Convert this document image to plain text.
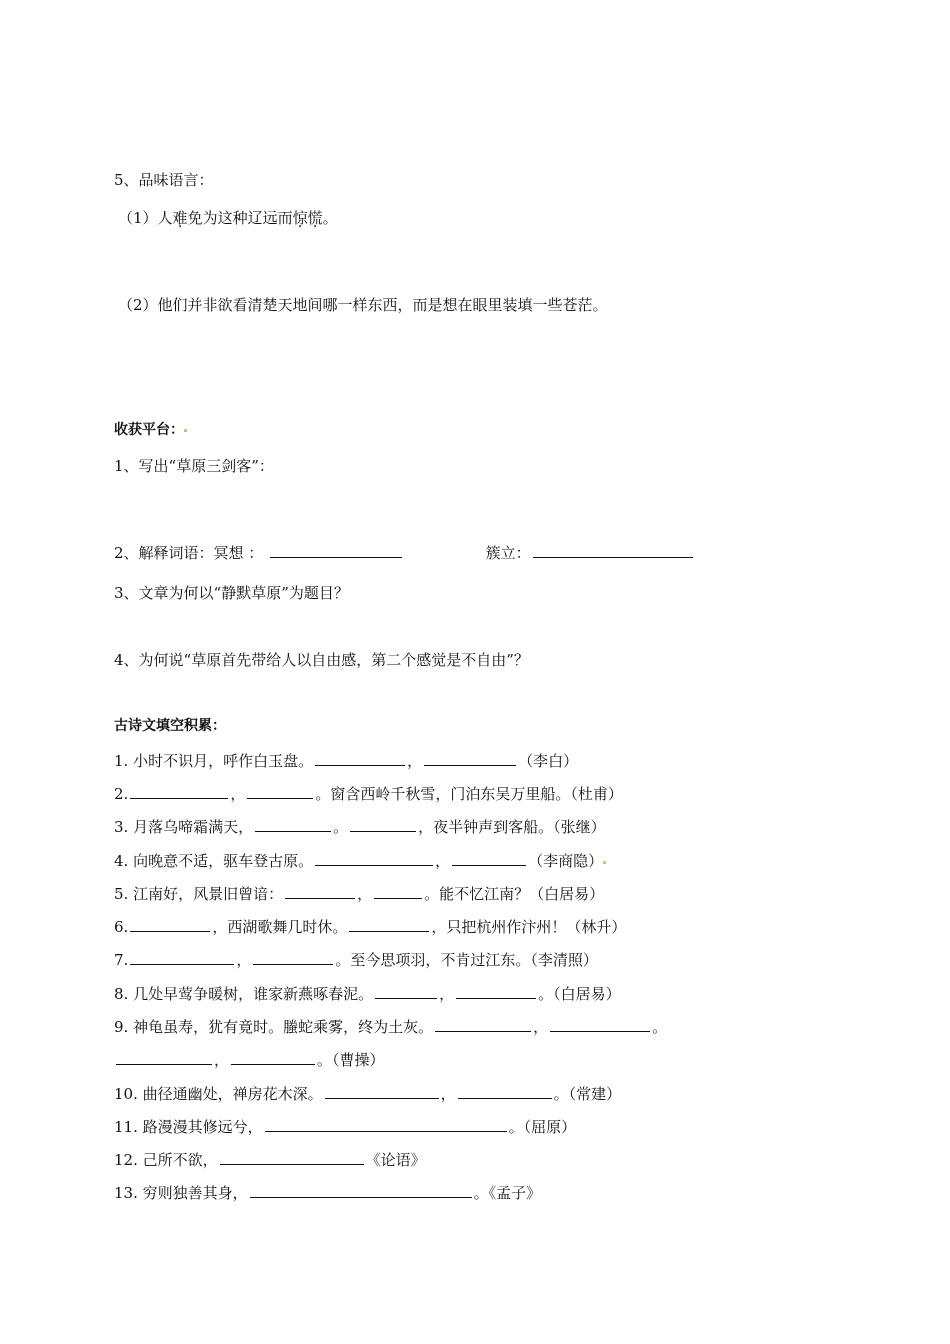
5、品味语言：
（1）人难免为这种辽远而惊慌。
（2）他们并非欲看清楚天地间哪一样东西，而是想在眼里装填一些苍茫。
收获平台：
1、写出“草原三剑客”：
2、解释词语：冥想 ：	簇立：
3、文章为何以“静默草原”为题目？
4、为何说“草原首先带给人以自由感，第二个感觉是不自由”？
古诗文填空积累：
1. 小时不识月，呼作白玉盘。	，	（李白）
2.	，	。窗含西岭千秋雪，门泊东吴万里船。（杜甫）
3. 月落乌啼霜满天，	。	，夜半钟声到客船。（张继）
4. 向晚意不适，驱车登古原。	，	（李商隐）
5. 江南好，风景旧曾谙：	，	。能不忆江南？（白居易）
6.	，西湖歌舞几时休。	，只把杭州作汴州！（林升）
7.	，	。至今思项羽，不肯过江东。（李清照）
8. 几处早莺争暖树，谁家新燕啄春泥。	，	。（白居易）
9. 神龟虽寿，犹有竟时。螣蛇乘雾，终为土灰。	，	。
，	。（曹操）
10. 曲径通幽处，禅房花木深。	，	。（常建）
11. 路漫漫其修远兮，	。（屈原）
12. 己所不欲，	《论语》
13. 穷则独善其身，	。《孟子》
